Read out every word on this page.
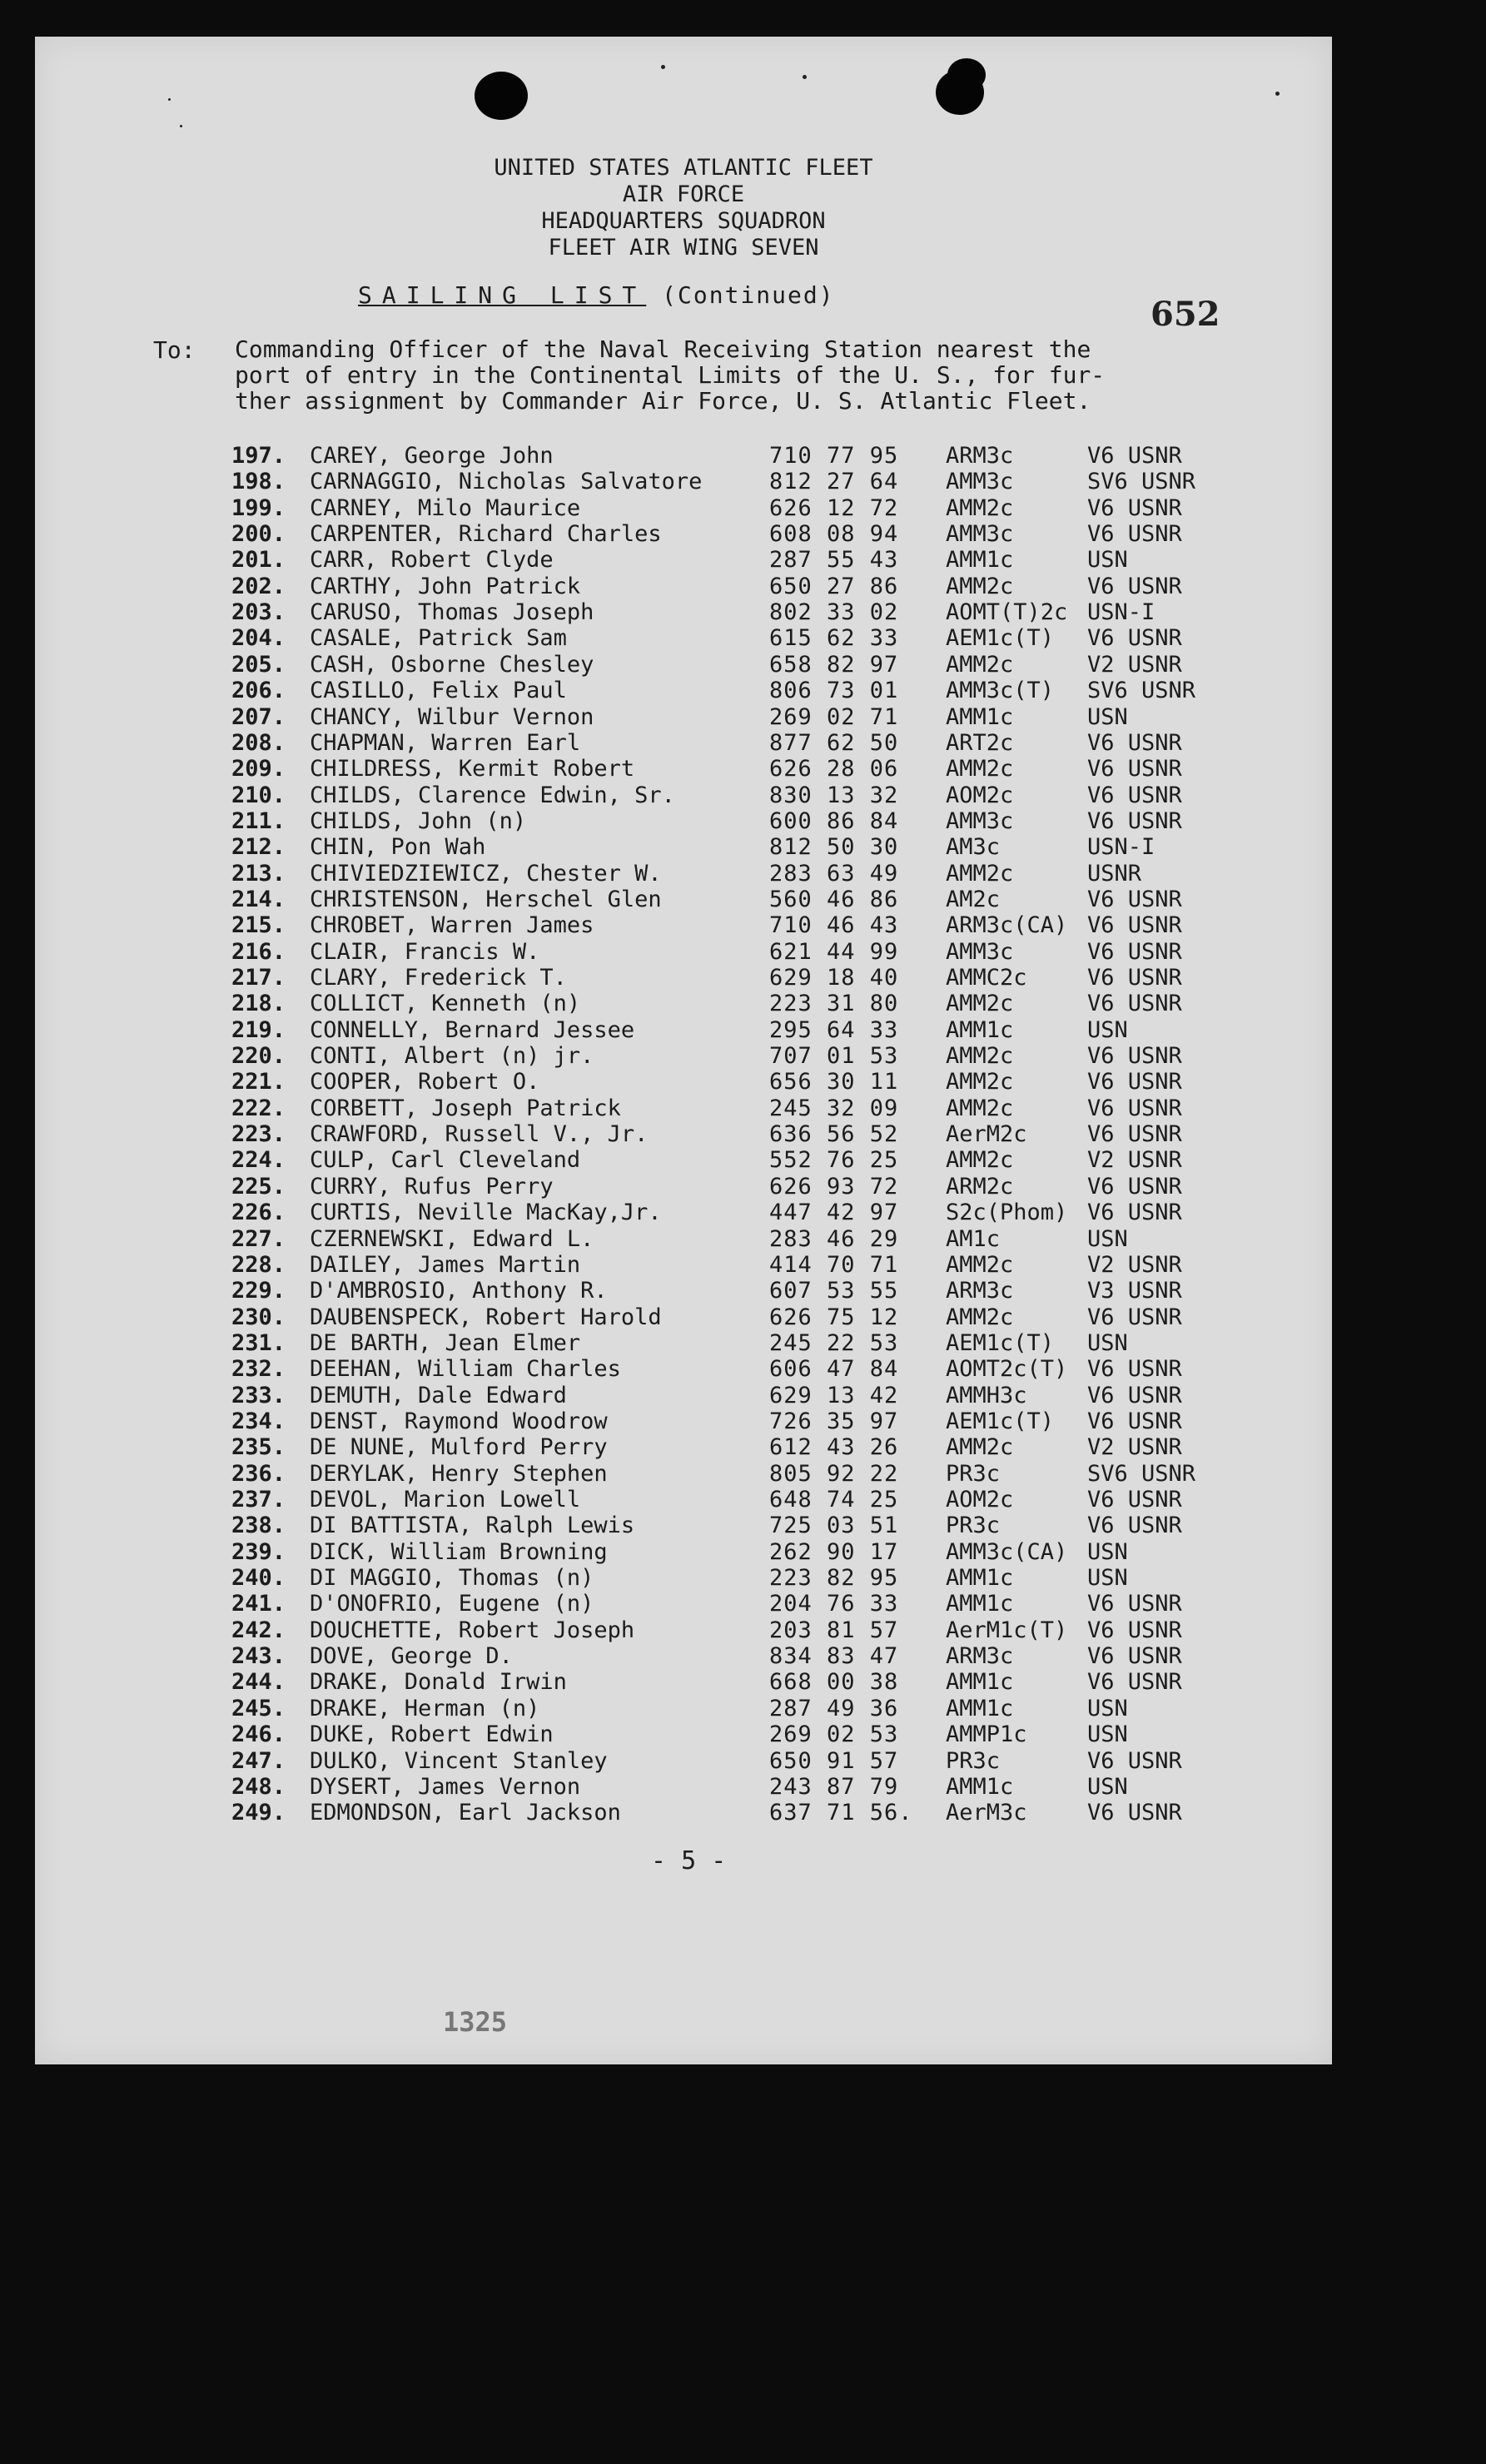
UNITED STATES ATLANTIC FLEET
AIR FORCE
HEADQUARTERS SQUADRON
FLEET AIR WING SEVEN
SAILING LIST (Continued)	652
To: Commanding Officer of the Naval Receiving Station nearest the
port of entry in the Continental Limits of the U. S., for fur-
ther assignment by Commander Air Force, U. S. Atlantic Fleet.
197. CAREY, George John	710 77 95 ARM3c	V6 USNR
198. CARNAGGIO, Nicholas Salvatore	812 27 64 AMM3c	SV6 USNR
199. CARNEY, Milo Maurice	626 12 72 AMM2c	V6 USNR
200. CARPENTER, Richard Charles	608 08 94 AMM3c	V6 USNR
201. CARR, Robert Clyde	287 55 43 AMM1c	USN
202. CARTHY, John Patrick	650 27 86 AMM2c	V6 USNR
203. CARUSO, Thomas Joseph	802 33 02 AOMT(T)2c USN-I
204. CASALE, Patrick Sam	615 62 33 AEM1c(T) V6 USNR
205. CASH, Osborne Chesley	658 82 97 AMM2c	V2 USNR
206. CASILLO, Felix Paul	806 73 01 AMM3c(T) SV6 USNR
207. CHANCY, Wilbur Vernon	269 02 71 AMM1c	USN
208. CHAPMAN, Warren Earl	877 62 50 ART2c	V6 USNR
209. CHILDRESS, Kermit Robert	626 28 06 AMM2c	V6 USNR
210. CHILDS, Clarence Edwin, Sr.	830 13 32 AOM2c	V6 USNR
211. CHILDS, John (n)	600 86 84 AMM3c	V6 USNR
212. CHIN, Pon Wah	812 50 30 AM3c	USN-I
213. CHIVIEDZIEWICZ, Chester W.	283 63 49 AMM2c	USNR
214. CHRISTENSON, Herschel Glen	560 46 86 AM2c	V6 USNR
215. CHROBET, Warren James	710 46 43 ARM3c(CA) V6 USNR
216. CLAIR, Francis W.	621 44 99 AMM3c	V6 USNR
217. CLARY, Frederick T.	629 18 40 AMMC2c	V6 USNR
218. COLLICT, Kenneth (n)	223 31 80 AMM2c	V6 USNR
219. CONNELLY, Bernard Jessee	295 64 33 AMM1c	USN
220. CONTI, Albert (n) jr.	707 01 53 AMM2c	V6 USNR
221. COOPER, Robert O.	656 30 11 AMM2c	V6 USNR
222. CORBETT, Joseph Patrick	245 32 09 AMM2c	V6 USNR
223. CRAWFORD, Russell V., Jr.	636 56 52 AerM2c	V6 USNR
224. CULP, Carl Cleveland	552 76 25 AMM2c	V2 USNR
225. CURRY, Rufus Perry	626 93 72 ARM2c	V6 USNR
226. CURTIS, Neville MacKay,Jr.	447 42 97 S2c(Phom) V6 USNR
227. CZERNEWSKI, Edward L.	283 46 29 AM1c	USN
228. DAILEY, James Martin	414 70 71 AMM2c	V2 USNR
229. D'AMBROSIO, Anthony R.	607 53 55 ARM3c	V3 USNR
230. DAUBENSPECK, Robert Harold	626 75 12 AMM2c	V6 USNR
231. DE BARTH, Jean Elmer	245 22 53 AEM1c(T) USN
232. DEEHAN, William Charles	606 47 84 AOMT2c(T) V6 USNR
233. DEMUTH, Dale Edward	629 13 42 AMMH3c	V6 USNR
234. DENST, Raymond Woodrow	726 35 97 AEM1c(T) V6 USNR
235. DE NUNE, Mulford Perry	612 43 26 AMM2c	V2 USNR
236. DERYLAK, Henry Stephen	805 92 22 PR3c	SV6 USNR
237. DEVOL, Marion Lowell	648 74 25 AOM2c	V6 USNR
238. DI BATTISTA, Ralph Lewis	725 03 51 PR3c	V6 USNR
239. DICK, William Browning	262 90 17 AMM3c(CA) USN
240. DI MAGGIO, Thomas (n)	223 82 95 AMM1c	USN
241. D'ONOFRIO, Eugene (n)	204 76 33 AMM1c	V6 USNR
242. DOUCHETTE, Robert Joseph	203 81 57 AerM1c(T) V6 USNR
243. DOVE, George D.	834 83 47 ARM3c	V6 USNR
244. DRAKE, Donald Irwin	668 00 38 AMM1c	V6 USNR
245. DRAKE, Herman (n)	287 49 36 AMM1c	USN
246. DUKE, Robert Edwin	269 02 53 AMMP1c	USN
247. DULKO, Vincent Stanley	650 91 57 PR3c	V6 USNR
248. DYSERT, James Vernon	243 87 79 AMM1c	USN
249. EDMONDSON, Earl Jackson	637 71 56. AerM3c	V6 USNR
- 5 -
1325
